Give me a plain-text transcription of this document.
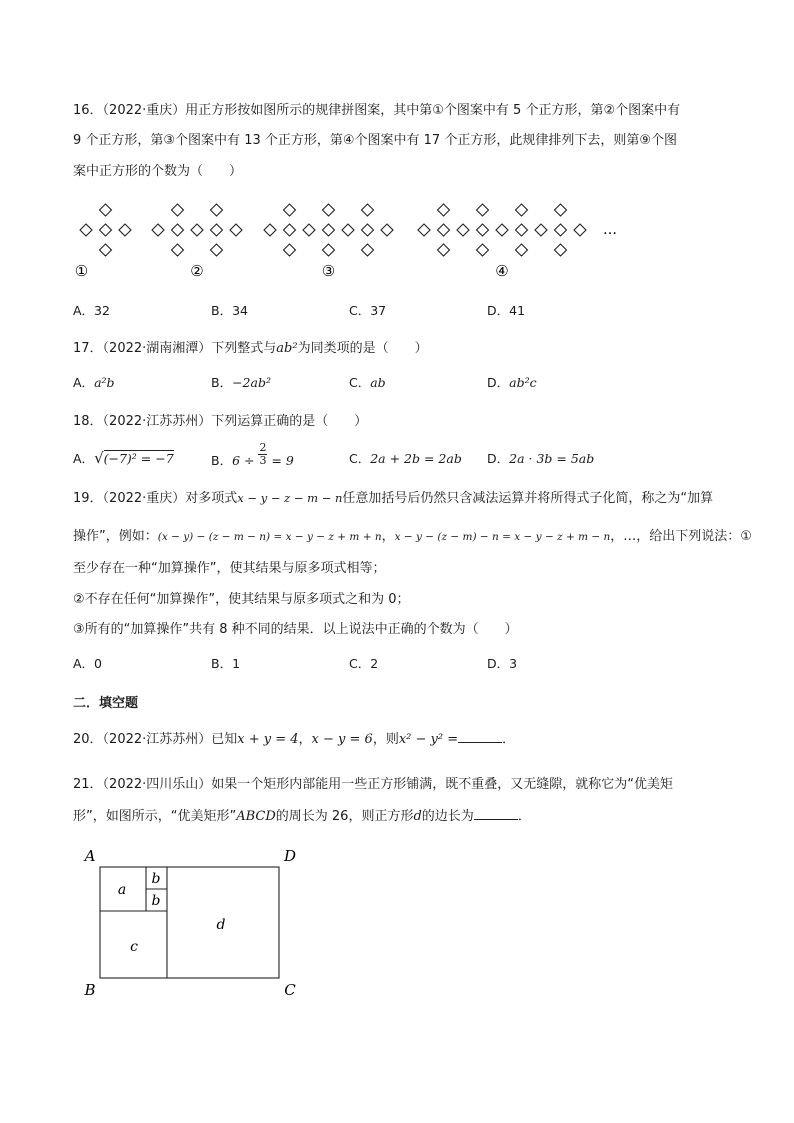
16．（2022·重庆）用正方形按如图所示的规律拼图案，其中第①个图案中有 5 个正方形，第②个图案中有
9 个正方形，第③个图案中有 13 个正方形，第④个图案中有 17 个正方形，此规律排列下去，则第⑨个图
案中正方形的个数为（　　）
①	②	③	④
…
A．32	B．34	C．37	D．41
17．（2022·湖南湘潭）下列整式与ab²为同类项的是（　　）
A．a²b	B．−2ab²	C．ab	D．ab²c
18．（2022·江苏苏州）下列运算正确的是（　　）
A．√(−7)² = −7	B．$6 \div \frac{2}{3} = 9$	C．2a + 2b = 2ab D．2a · 3b = 5ab
19．（2022·重庆）对多项式x − y − z − m − n任意加括号后仍然只含减法运算并将所得式子化简，称之为“加算
操作”，例如：(x − y) − (z − m − n) = x − y − z + m + n，x − y − (z − m) − n = x − y − z + m − n，…，给出下列说法：①
至少存在一种“加算操作”，使其结果与原多项式相等；
②不存在任何“加算操作”，使其结果与原多项式之和为 0；
③所有的“加算操作”共有 8 种不同的结果．以上说法中正确的个数为（　　）
A．0	B．1	C．2	D．3
二．填空题
20．（2022·江苏苏州）已知x + y = 4，x − y = 6，则x² − y² =	．
21．（2022·四川乐山）如果一个矩形内部能用一些正方形铺满，既不重叠，又无缝隙，就称它为“优美矩
形”，如图所示，“优美矩形”ABCD的周长为 26，则正方形d的边长为	．
A	D
B	C
a
b
b
c
d
